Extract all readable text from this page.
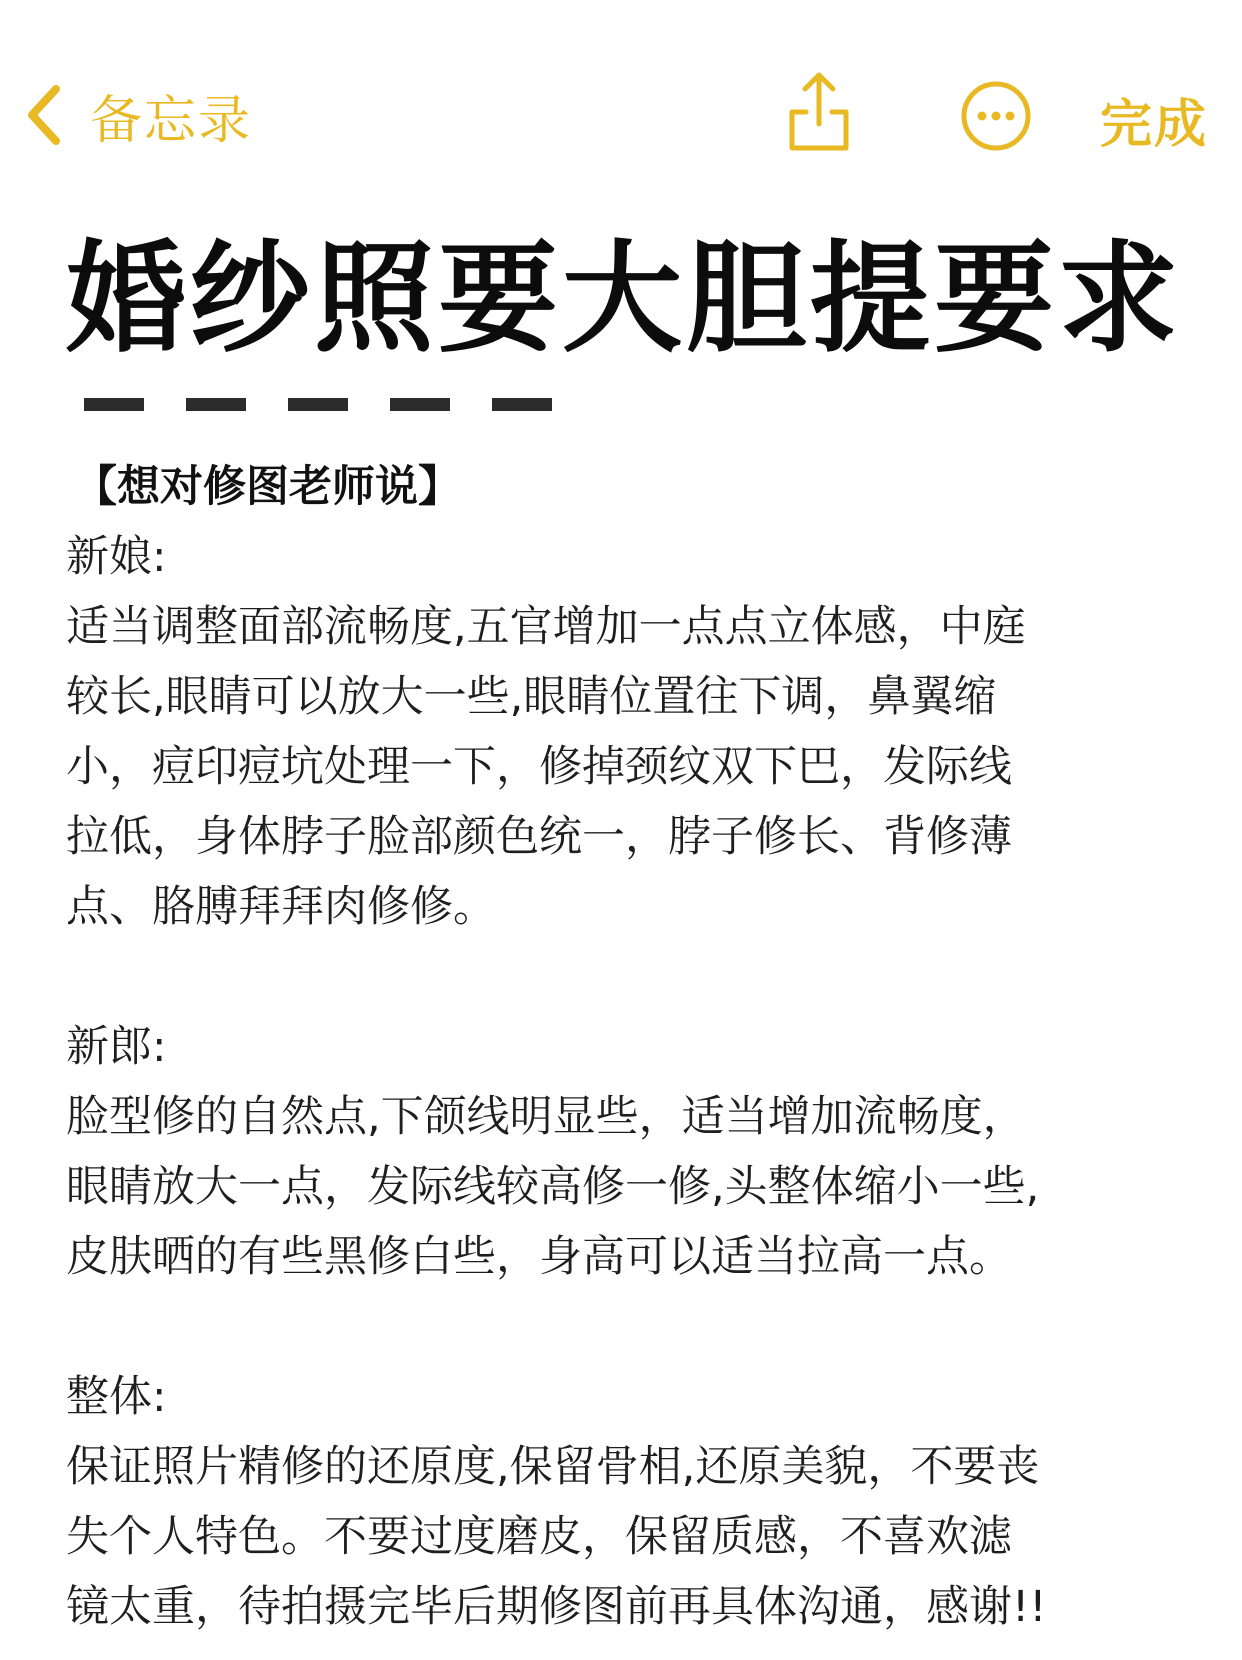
备忘录	完成
婚纱照要大胆提要求
【想对修图老师说】

新娘:

适当调整面部流畅度,五官增加一点点立体感，中庭

较长,眼睛可以放大一些,眼睛位置往下调，鼻翼缩

小，痘印痘坑处理一下，修掉颈纹双下巴，发际线

拉低，身体脖子脸部颜色统一，脖子修长、背修薄

点、胳膊拜拜肉修修。

新郎:

脸型修的自然点,下颌线明显些，适当增加流畅度，

眼睛放大一点，发际线较高修一修,头整体缩小一些,

皮肤晒的有些黑修白些，身高可以适当拉高一点。

整体:

保证照片精修的还原度,保留骨相,还原美貌，不要丧

失个人特色。不要过度磨皮，保留质感，不喜欢滤

镜太重，待拍摄完毕后期修图前再具体沟通，感谢!!
